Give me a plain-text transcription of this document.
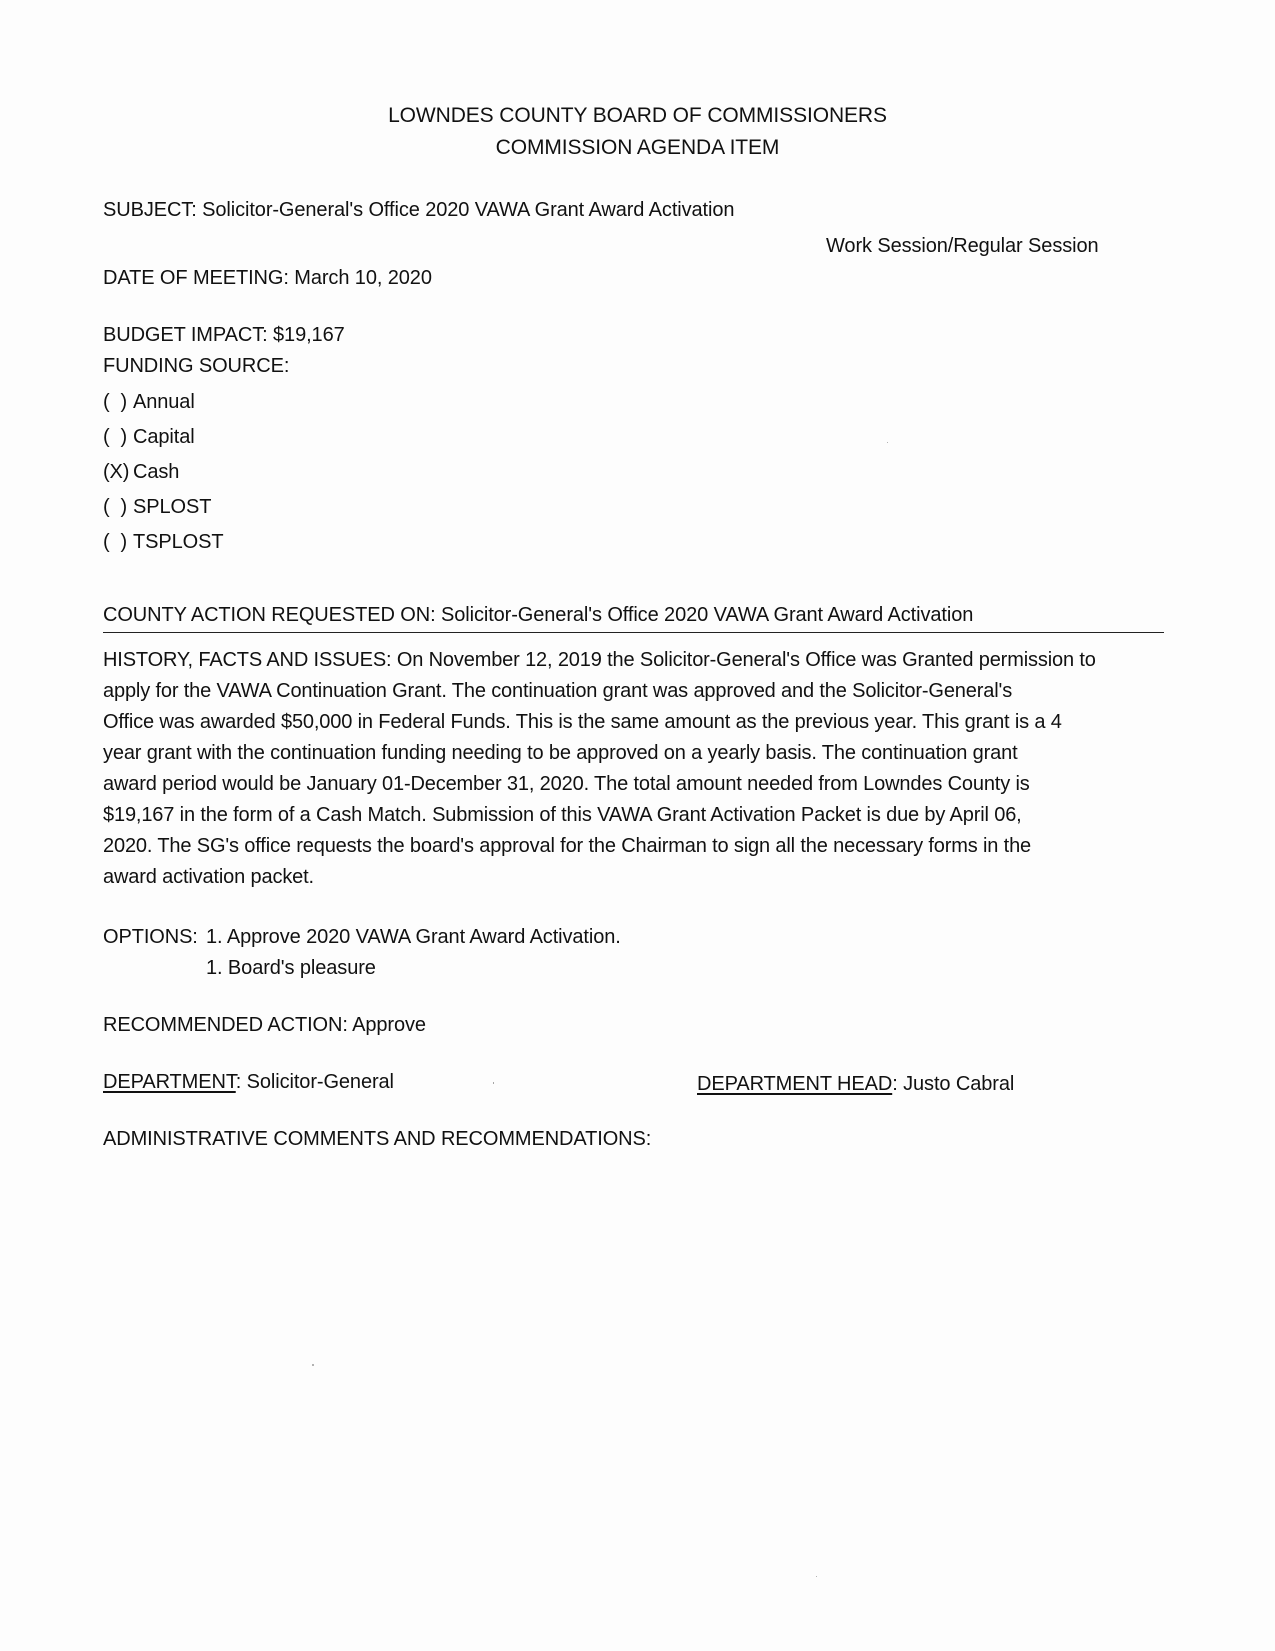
LOWNDES COUNTY BOARD OF COMMISSIONERS
COMMISSION AGENDA ITEM
SUBJECT: Solicitor-General's Office 2020 VAWA Grant Award Activation
Work Session/Regular Session
DATE OF MEETING: March 10, 2020
BUDGET IMPACT: $19,167
FUNDING SOURCE:
(  ) Annual
(  ) Capital
(X) Cash
(  ) SPLOST
(  ) TSPLOST
COUNTY ACTION REQUESTED ON: Solicitor-General's Office 2020 VAWA Grant Award Activation
HISTORY, FACTS AND ISSUES: On November 12, 2019 the Solicitor-General's Office was Granted permission to
apply for the VAWA Continuation Grant. The continuation grant was approved and the Solicitor-General's
Office was awarded $50,000 in Federal Funds. This is the same amount as the previous year. This grant is a 4
year grant with the continuation funding needing to be approved on a yearly basis. The continuation grant
award period would be January 01-December 31, 2020. The total amount needed from Lowndes County is
$19,167 in the form of a Cash Match. Submission of this VAWA Grant Activation Packet is due by April 06,
2020. The SG's office requests the board's approval for the Chairman to sign all the necessary forms in the
award activation packet.
OPTIONS: 1. Approve 2020 VAWA Grant Award Activation.
1. Board's pleasure
RECOMMENDED ACTION: Approve
DEPARTMENT: Solicitor-General	DEPARTMENT HEAD: Justo Cabral
ADMINISTRATIVE COMMENTS AND RECOMMENDATIONS:
